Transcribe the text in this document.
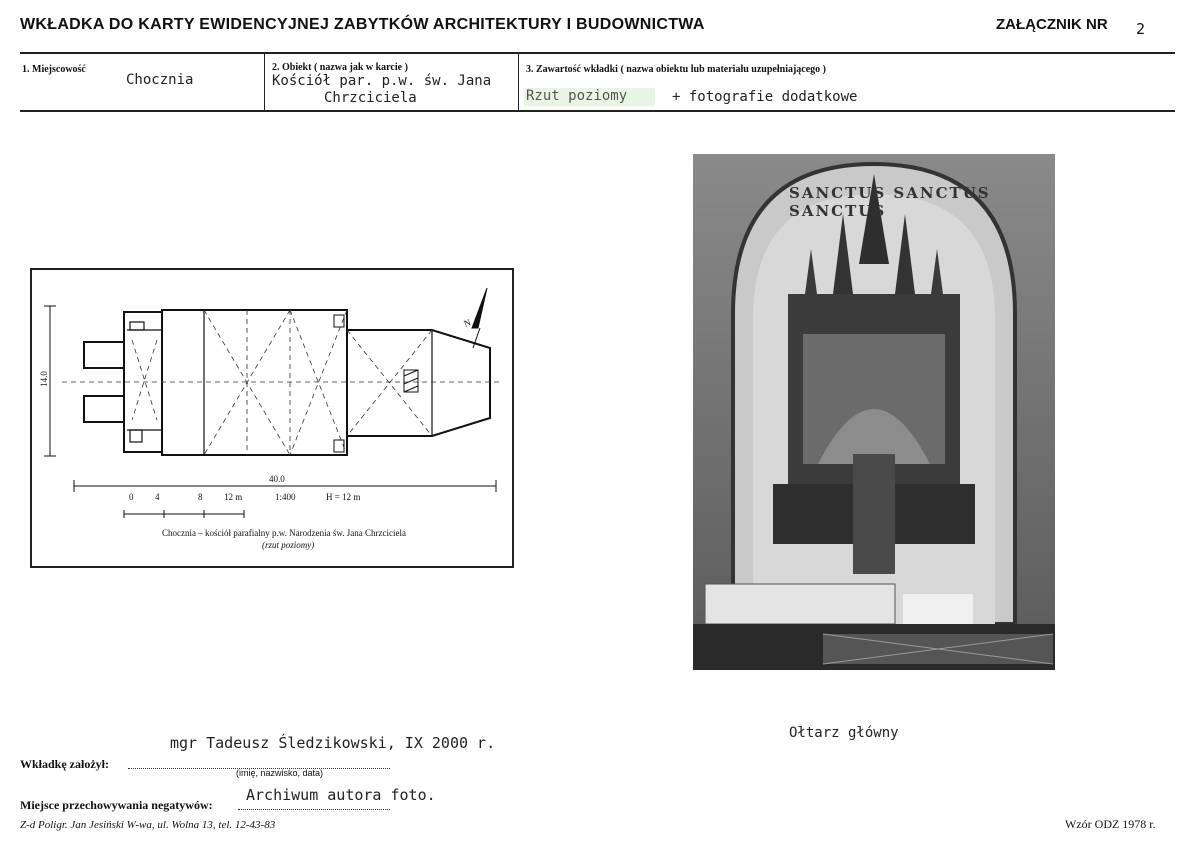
WKŁADKA DO KARTY EWIDENCYJNEJ ZABYTKÓW ARCHITEKTURY I BUDOWNICTWA	ZAŁĄCZNIK NR 2
1. Miejscowość
Chocznia
2. Obiekt ( nazwa jak w karcie )
Kościół par. p.w. św. Jana
Chrzciciela
3. Zawartość wkładki ( nazwa obiektu lub materiału uzupełniającego )
Rzut poziomy	+ fotografie dodatkowe
14.0
40.0
N
0 4	8 12 m	1:400	H = 12 m
Chocznia – kościół parafialny p.w. Narodzenia św. Jana Chrzciciela
(rzut poziomy)
SANCTUS SANCTUS SANCTUS
Ołtarz główny
mgr Tadeusz Śledzikowski, IX 2000 r.
Wkładkę założył:
(imię, nazwisko, data)
Archiwum autora foto.
Miejsce przechowywania negatywów:
Z-d Poligr. Jan Jesiński W-wa, ul. Wolna 13, tel. 12-43-83	Wzór ODZ 1978 r.
